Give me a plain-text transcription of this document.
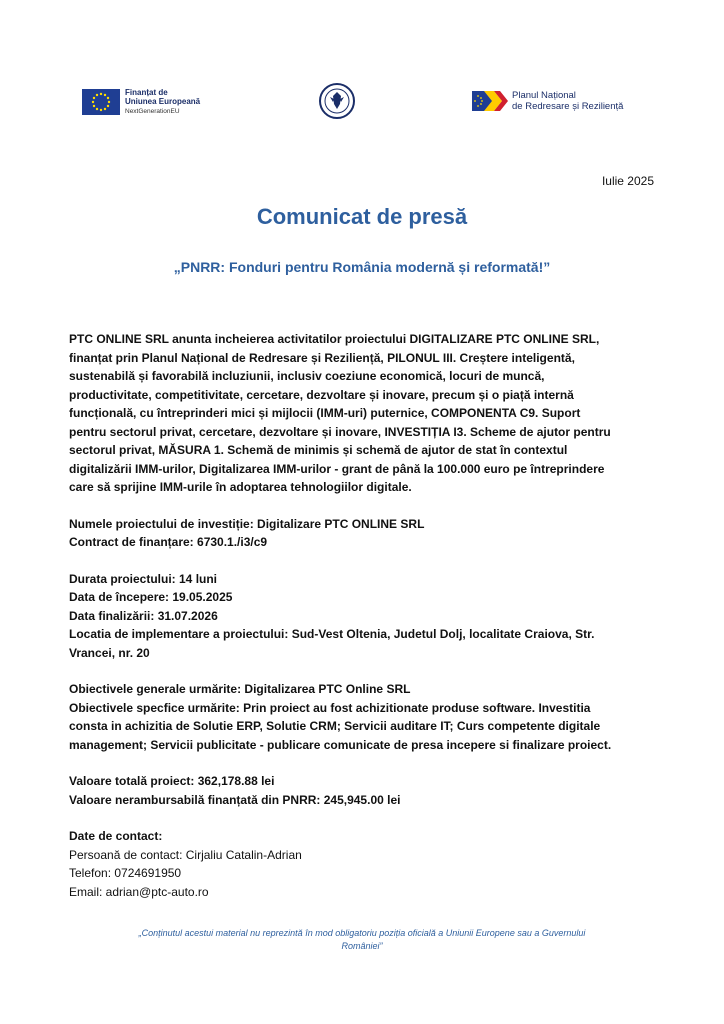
Finanțat de
Uniunea Europeană
NextGenerationEU
Planul Național
de Redresare și Reziliență
Iulie 2025
Comunicat de presă
„PNRR: Fonduri pentru România modernă și reformată!”

PTC ONLINE SRL anunta incheierea activitatilor proiectului DIGITALIZARE PTC ONLINE SRL,

finanțat prin Planul Național de Redresare și Reziliență, PILONUL III. Creștere inteligentă,

sustenabilă și favorabilă incluziunii, inclusiv coeziune economică, locuri de muncă,

productivitate, competitivitate, cercetare, dezvoltare și inovare, precum și o piață internă

funcțională, cu întreprinderi mici și mijlocii (IMM-uri) puternice, COMPONENTA C9. Suport

pentru sectorul privat, cercetare, dezvoltare și inovare, INVESTIȚIA I3. Scheme de ajutor pentru

sectorul privat, MĂSURA 1. Schemă de minimis și schemă de ajutor de stat în contextul

digitalizării IMM-urilor, Digitalizarea IMM-urilor - grant de până la 100.000 euro pe întreprindere

care să sprijine IMM-urile în adoptarea tehnologiilor digitale.

Numele proiectului de investiție: Digitalizare PTC ONLINE SRL

Contract de finanțare: 6730.1./i3/c9

Durata proiectului: 14 luni

Data de începere: 19.05.2025

Data finalizării: 31.07.2026

Locatia de implementare a proiectului: Sud-Vest Oltenia, Judetul Dolj, localitate Craiova, Str.

Vrancei, nr. 20

Obiectivele generale urmărite: Digitalizarea PTC Online SRL

Obiectivele specfice urmărite: Prin proiect au fost achizitionate produse software. Investitia

consta in achizitia de Solutie ERP, Solutie CRM; Servicii auditare IT; Curs competente digitale

management; Servicii publicitate - publicare comunicate de presa incepere si finalizare proiect.

Valoare totală proiect: 362,178.88 lei

Valoare nerambursabilă finanțată din PNRR: 245,945.00 lei

Date de contact:

Persoană de contact: Cirjaliu Catalin-Adrian

Telefon: 0724691950

Email: adrian@ptc-auto.ro

„Conținutul acestui material nu reprezintă în mod obligatoriu poziția oficială a Uniunii Europene sau a Guvernului
României”
